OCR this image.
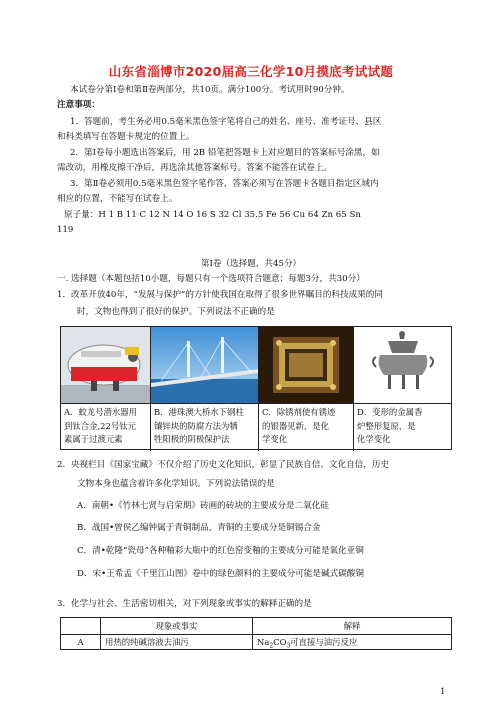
山东省淄博市2020届高三化学10月摸底考试试题
本试卷分第Ⅰ卷和第Ⅱ卷两部分，共10页。满分100分。考试用时90分钟。
注意事项：
1．答题前，考生务必用0.5毫米黑色签字笔将自己的姓名、座号、准考证号、县区
和科类填写在答题卡规定的位置上。
2．第Ⅰ卷每小题选出答案后，用 2B 铅笔把答题卡上对应题目的答案标号涂黑，如
需改动，用橡皮擦干净后，再选涂其他答案标号。答案不能答在试卷上。
3．第Ⅱ卷必须用0.5毫米黑色签字笔作答，答案必须写在答题卡各题目指定区域内
相应的位置，不能写在试卷上。
原子量：H 1 B 11 C 12 N 14 O 16 S 32 Cl 35.5 Fe 56 Cu 64 Zn 65 Sn
119
第Ⅰ卷（选择题，共45分）
一. 选择题（本题包括10小题，每题只有一个选项符合题意；每题3分，共30分）
1．改革开放40年，“发展与保护”的方针使我国在取得了很多世界瞩目的科技成果的同
时，文物也得到了很好的保护。下列说法不正确的是
A．蛟龙号潜水器用
到钛合金,22号钛元
素属于过渡元素
B．港珠澳大桥水下钢柱
镶锌块的防腐方法为牺
牲阳极的阴极保护法
C．除锈剂使有锈迹
的银器见新，是化
学变化
D．变形的金属香
炉整形复原，是
化学变化
2．央视栏目《国家宝藏》不仅介绍了历史文化知识，彰显了民族自信、文化自信，历史
文物本身也蕴含着许多化学知识。下列说法错误的是
A．南朝•《竹林七贤与启荣期》砖画的砖块的主要成分是二氧化硅
B．战国•曾侯乙编钟属于青铜制品，青铜的主要成分是铜锡合金
C．清•乾隆“瓷母”各种釉彩大瓶中的红色窑变釉的主要成分可能是氧化亚铜
D．宋•王希孟《千里江山图》卷中的绿色颜料的主要成分可能是碱式碳酸铜
3．化学与社会、生活密切相关，对下列现象或事实的解释正确的是
现象或事实	解释
A	用热的纯碱溶液去油污	$Na_2CO_3$可直接与油污反应
1
